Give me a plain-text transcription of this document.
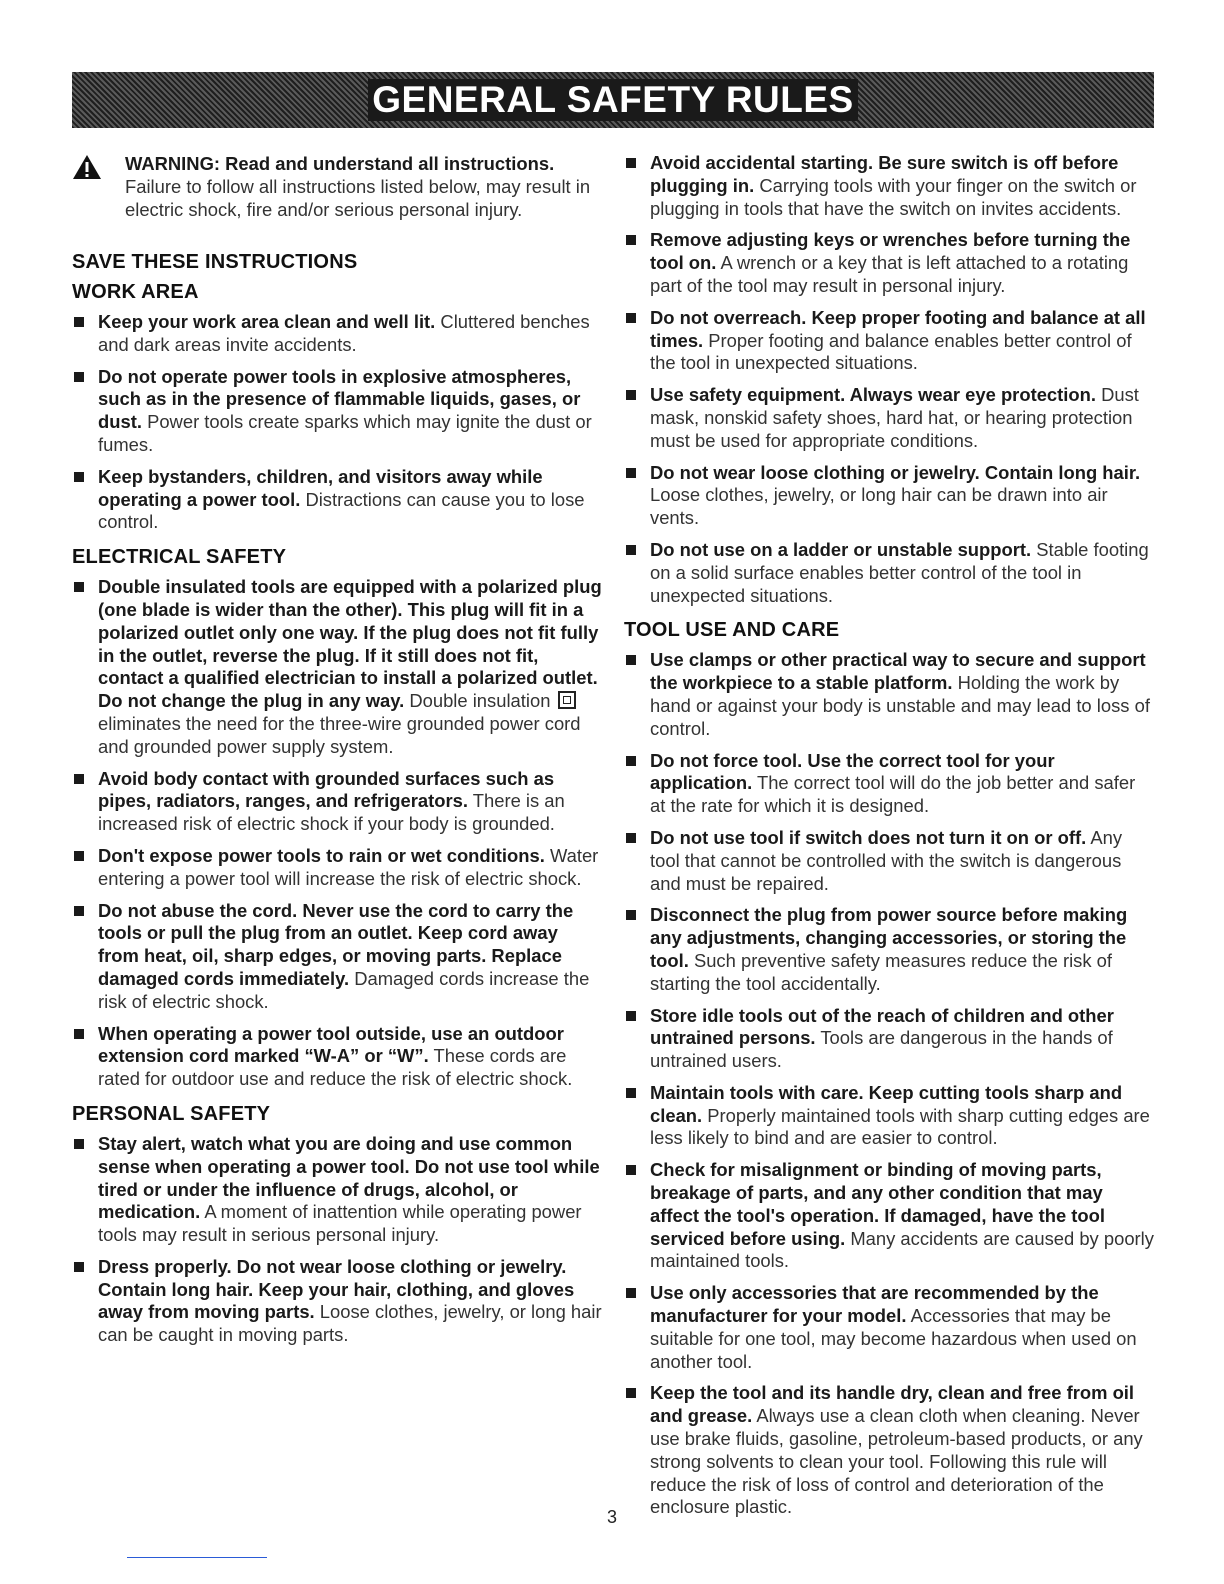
GENERAL SAFETY RULES

WARNING: Read and understand all instructions. Failure to follow all instructions listed below, may result in electric shock, fire and/or serious personal injury.

SAVE THESE INSTRUCTIONS
WORK AREA
Keep your work area clean and well lit. Cluttered benches and dark areas invite accidents.
Do not operate power tools in explosive atmospheres, such as in the presence of flammable liquids, gases, or dust. Power tools create sparks which may ignite the dust or fumes.
Keep bystanders, children, and visitors away while operating a power tool. Distractions can cause you to lose control.
ELECTRICAL SAFETY
Double insulated tools are equipped with a polarized plug (one blade is wider than the other). This plug will fit in a polarized outlet only one way. If the plug does not fit fully in the outlet, reverse the plug. If it still does not fit, contact a qualified electrician to install a polarized outlet. Do not change the plug in any way. Double insulation  eliminates the need for the three-wire grounded power cord and grounded power supply system.
Avoid body contact with grounded surfaces such as pipes, radiators, ranges, and refrigerators. There is an increased risk of electric shock if your body is grounded.
Don't expose power tools to rain or wet conditions. Water entering a power tool will increase the risk of electric shock.
Do not abuse the cord. Never use the cord to carry the tools or pull the plug from an outlet. Keep cord away from heat, oil, sharp edges, or moving parts. Replace damaged cords immediately. Damaged cords increase the risk of electric shock.
When operating a power tool outside, use an outdoor extension cord marked “W-A” or “W”. These cords are rated for outdoor use and reduce the risk of electric shock.
PERSONAL SAFETY
Stay alert, watch what you are doing and use common sense when operating a power tool. Do not use tool while tired or under the influence of drugs, alcohol, or medication. A moment of inattention while operating power tools may result in serious personal injury.
Dress properly. Do not wear loose clothing or jewelry. Contain long hair. Keep your hair, clothing, and gloves away from moving parts. Loose clothes, jewelry, or long hair can be caught in moving parts.
Avoid accidental starting. Be sure switch is off before plugging in. Carrying tools with your finger on the switch or plugging in tools that have the switch on invites accidents.
Remove adjusting keys or wrenches before turning the tool on. A wrench or a key that is left attached to a rotating part of the tool may result in personal injury.
Do not overreach. Keep proper footing and balance at all times. Proper footing and balance enables better control of the tool in unexpected situations.
Use safety equipment. Always wear eye protection. Dust mask, nonskid safety shoes, hard hat, or hearing protection must be used for appropriate conditions.
Do not wear loose clothing or jewelry. Contain long hair. Loose clothes, jewelry, or long hair can be drawn into air vents.
Do not use on a ladder or unstable support. Stable footing on a solid surface enables better control of the tool in unexpected situations.
TOOL USE AND CARE
Use clamps or other practical way to secure and support the workpiece to a stable platform. Holding the work by hand or against your body is unstable and may lead to loss of control.
Do not force tool. Use the correct tool for your application. The correct tool will do the job better and safer at the rate for which it is designed.
Do not use tool if switch does not turn it on or off. Any tool that cannot be controlled with the switch is dangerous and must be repaired.
Disconnect the plug from power source before making any adjustments, changing accessories, or storing the tool. Such preventive safety measures reduce the risk of starting the tool accidentally.
Store idle tools out of the reach of children and other untrained persons. Tools are dangerous in the hands of untrained users.
Maintain tools with care. Keep cutting tools sharp and clean. Properly maintained tools with sharp cutting edges are less likely to bind and are easier to control.
Check for misalignment or binding of moving parts, breakage of parts, and any other condition that may affect the tool's operation. If damaged, have the tool serviced before using. Many accidents are caused by poorly maintained tools.
Use only accessories that are recommended by the manufacturer for your model. Accessories that may be suitable for one tool, may become hazardous when used on another tool.
Keep the tool and its handle dry, clean and free from oil and grease. Always use a clean cloth when cleaning. Never use brake fluids, gasoline, petroleum-based products, or any strong solvents to clean your tool. Following this rule will reduce the risk of loss of control and deterioration of the enclosure plastic.
3
